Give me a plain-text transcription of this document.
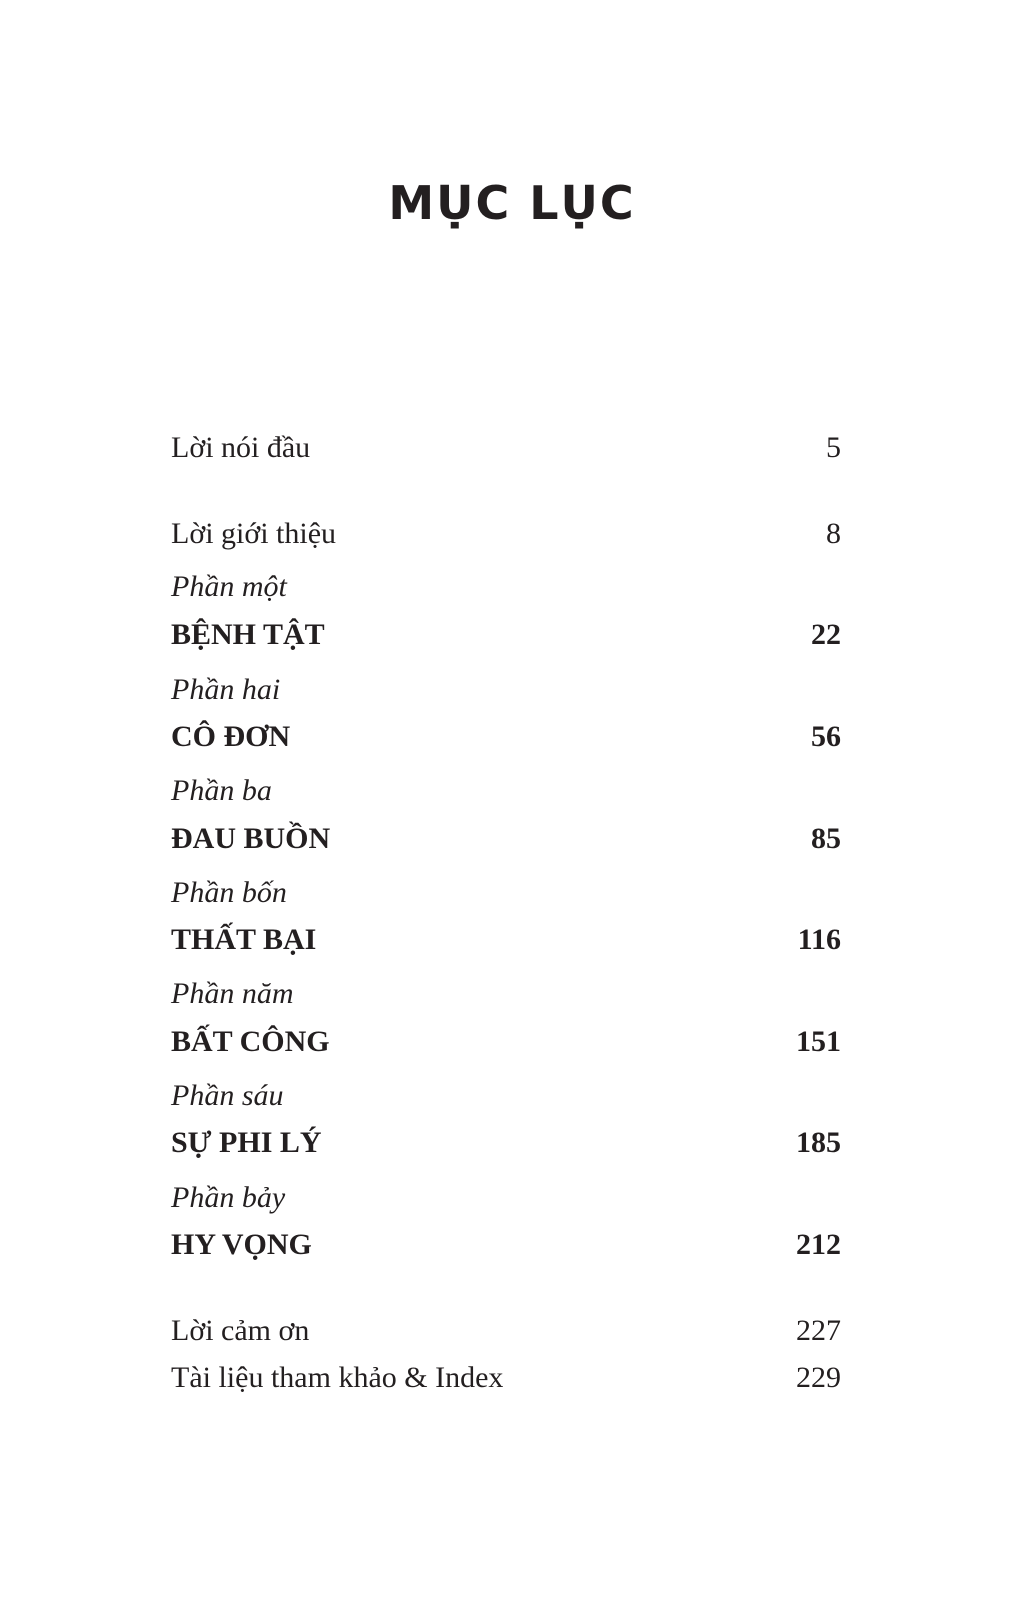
MỤC LỤC
Lời nói đầu	5
Lời giới thiệu	8
Phần một
BỆNH TẬT	22
Phần hai
CÔ ĐƠN	56
Phần ba
ĐAU BUỒN	85
Phần bốn
THẤT BẠI	116
Phần năm
BẤT CÔNG	151
Phần sáu
SỰ PHI LÝ	185
Phần bảy
HY VỌNG	212
Lời cảm ơn	227
Tài liệu tham khảo & Index	229
